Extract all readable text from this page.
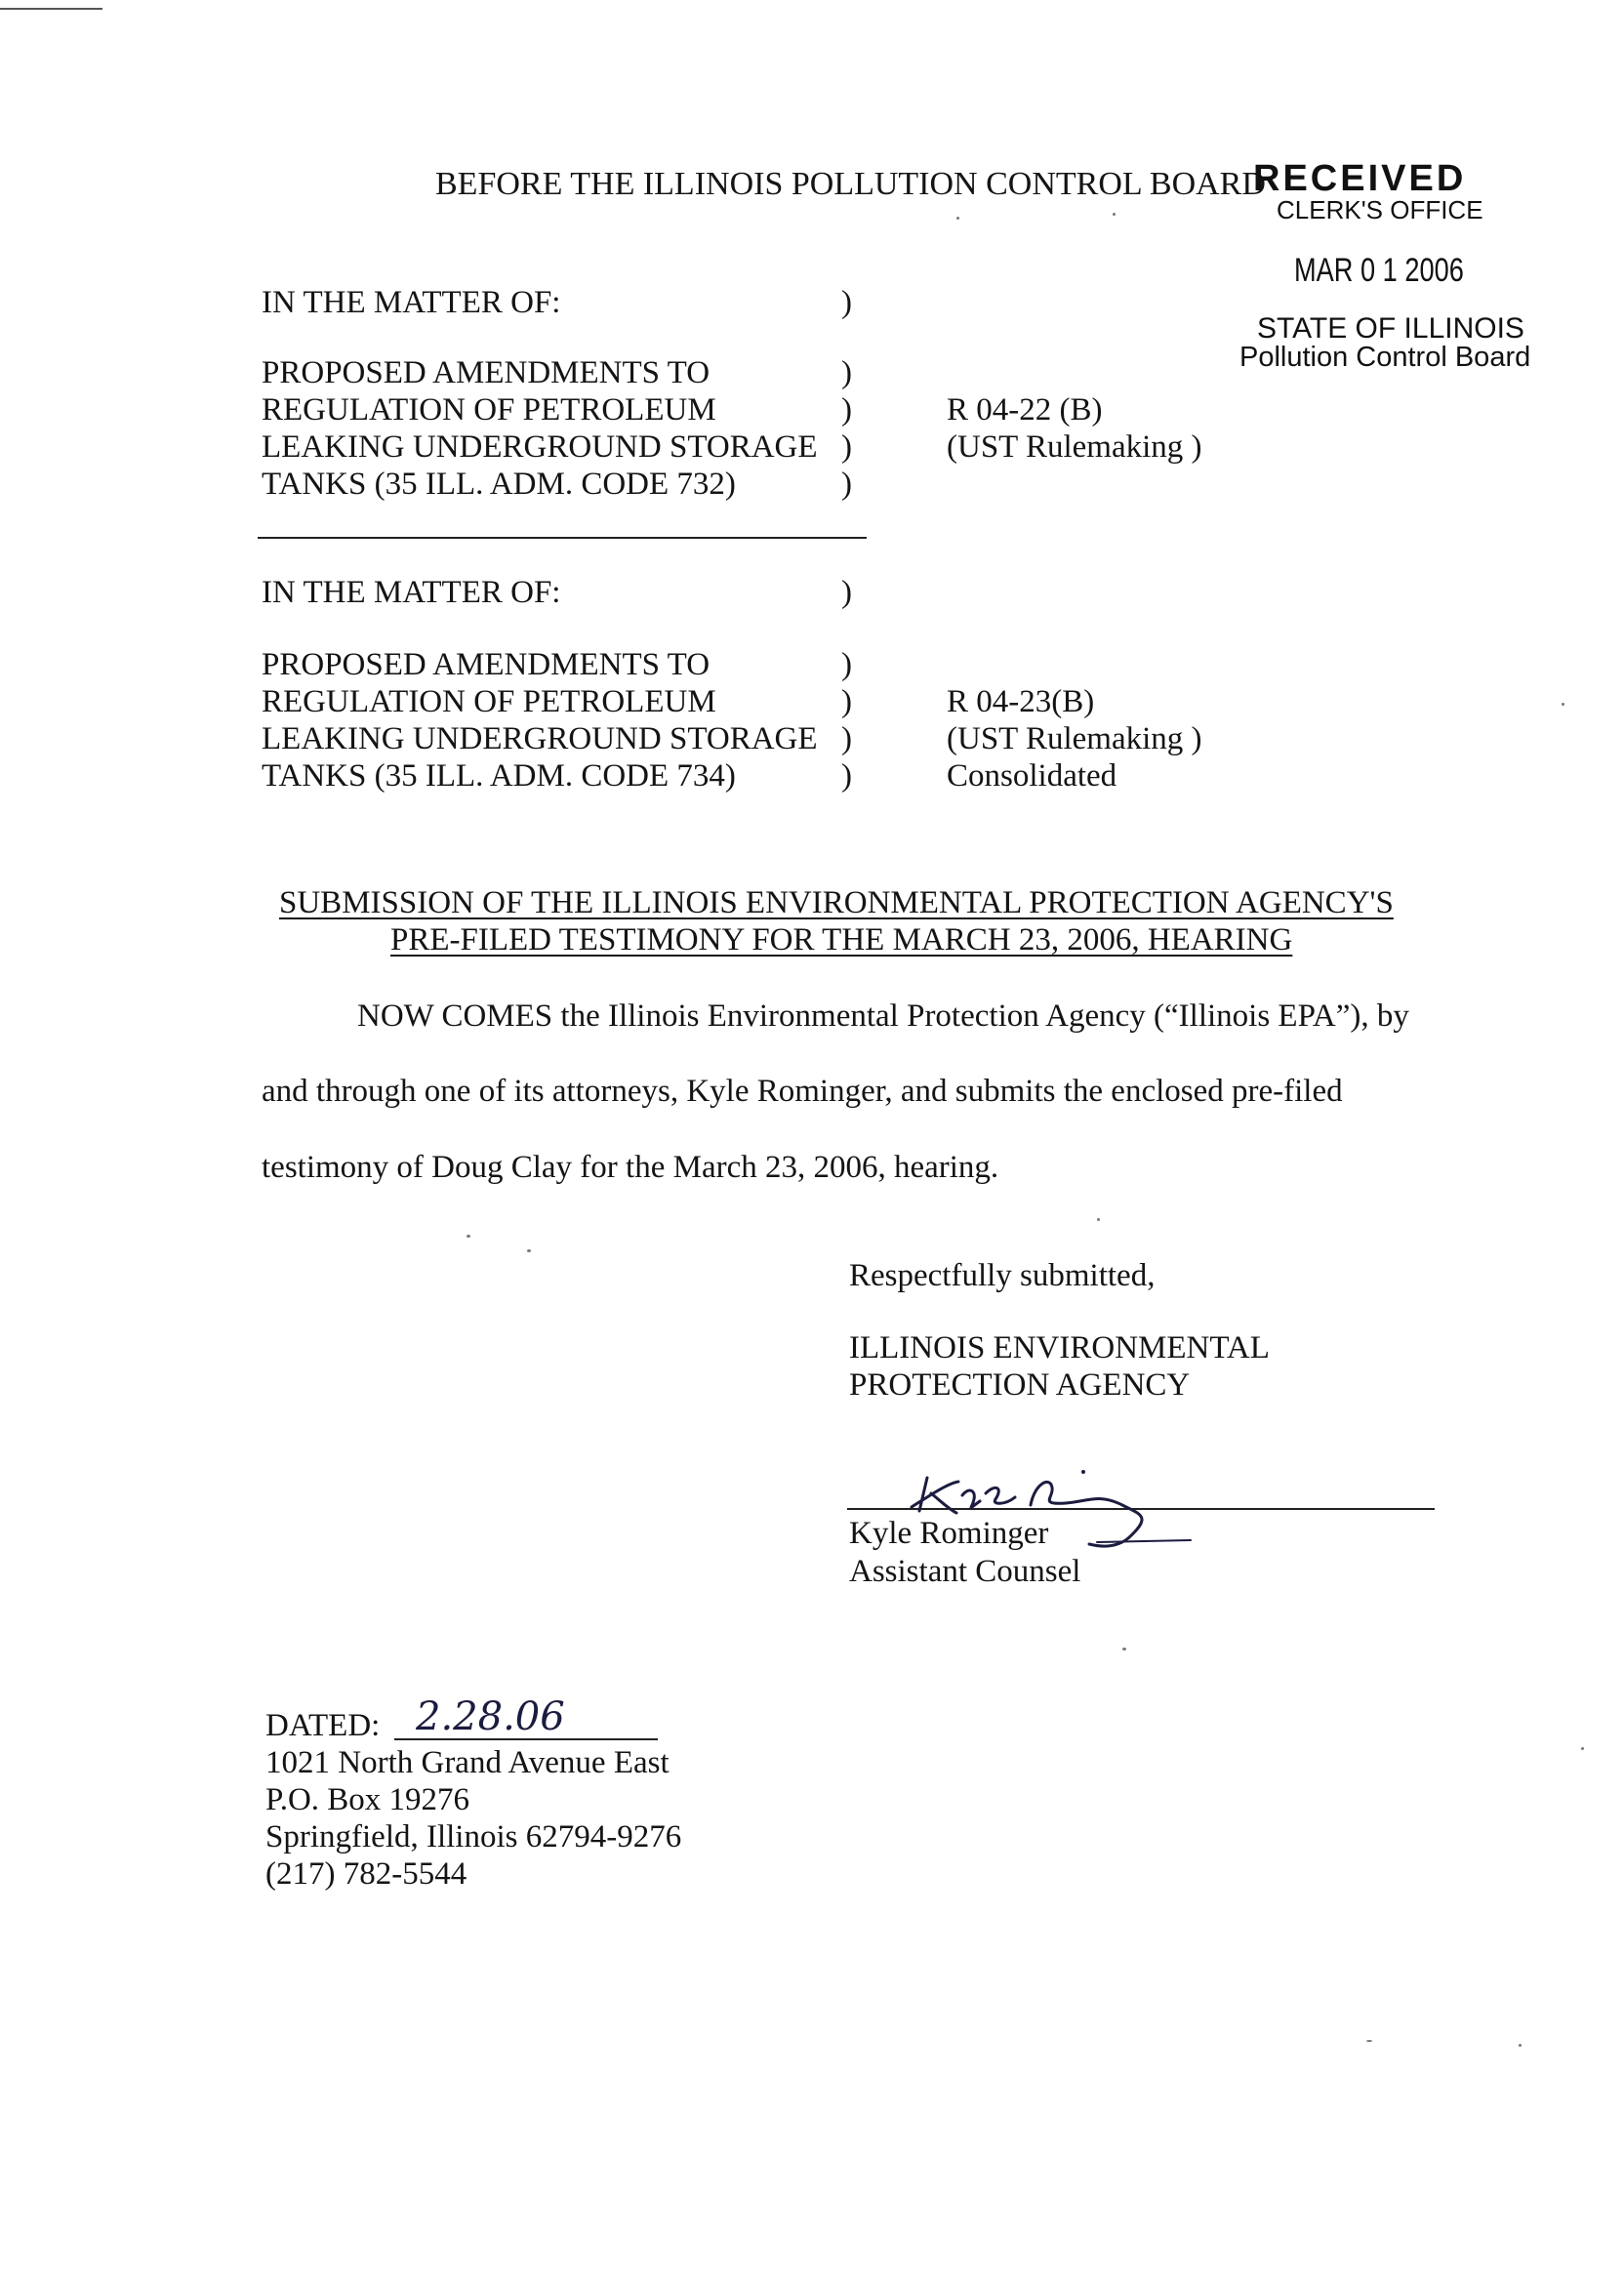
BEFORE THE ILLINOIS POLLUTION CONTROL BOARD

RECEIVED
CLERK'S OFFICE
MAR 0 1 2006
STATE OF ILLINOIS
Pollution Control Board

IN THE MATTER OF:	)

PROPOSED AMENDMENTS TO

REGULATION OF PETROLEUM

LEAKING UNDERGROUND STORAGE

TANKS (35 ILL. ADM. CODE 732)

)
)
)
)

R 04-22 (B)

(UST Rulemaking )

IN THE MATTER OF:	)

PROPOSED AMENDMENTS TO

REGULATION OF PETROLEUM

LEAKING UNDERGROUND STORAGE

TANKS (35 ILL. ADM. CODE 734)

)
)
)
)

R 04-23(B)

(UST Rulemaking )

Consolidated

SUBMISSION OF THE ILLINOIS ENVIRONMENTAL PROTECTION AGENCY'S

PRE-FILED TESTIMONY FOR THE MARCH 23, 2006, HEARING

NOW COMES the Illinois Environmental Protection Agency (“Illinois EPA”), by

and through one of its attorneys, Kyle Rominger, and submits the enclosed pre-filed

testimony of Doug Clay for the March 23, 2006, hearing.

Respectfully submitted,

ILLINOIS ENVIRONMENTAL

PROTECTION AGENCY

Kyle Rominger

Assistant Counsel

DATED: 2.28.06

1021 North Grand Avenue East

P.O. Box 19276

Springfield, Illinois 62794-9276

(217) 782-5544
